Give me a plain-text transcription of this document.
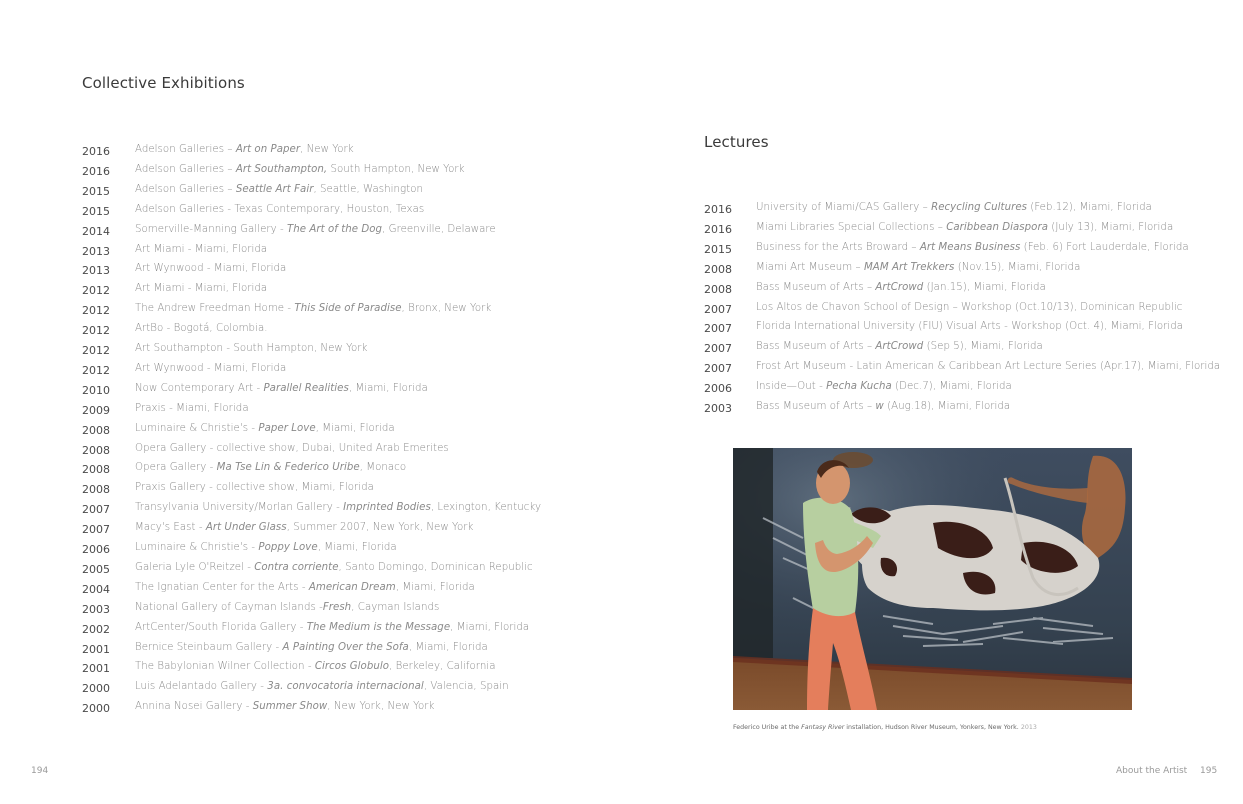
Collective Exhibitions
2016 Adelson Galleries – Art on Paper, New York
2016 Adelson Galleries – Art Southampton, South Hampton, New York
2015 Adelson Galleries – Seattle Art Fair, Seattle, Washington
2015 Adelson Galleries - Texas Contemporary, Houston, Texas
2014 Somerville-Manning Gallery - The Art of the Dog, Greenville, Delaware
2013 Art Miami - Miami, Florida
2013 Art Wynwood - Miami, Florida
2012 Art Miami - Miami, Florida
2012 The Andrew Freedman Home - This Side of Paradise, Bronx, New York
2012 ArtBo - Bogotá, Colombia.
2012 Art Southampton - South Hampton, New York
2012 Art Wynwood - Miami, Florida
2010 Now Contemporary Art - Parallel Realities, Miami, Florida
2009 Praxis - Miami, Florida
2008 Luminaire & Christie's - Paper Love, Miami, Florida
2008 Opera Gallery - collective show, Dubai, United Arab Emerites
2008 Opera Gallery - Ma Tse Lin & Federico Uribe, Monaco
2008 Praxis Gallery - collective show, Miami, Florida
2007 Transylvania University/Morlan Gallery - Imprinted Bodies, Lexington, Kentucky
2007 Macy's East - Art Under Glass, Summer 2007, New York, New York
2006 Luminaire & Christie's - Poppy Love, Miami, Florida
2005 Galeria Lyle O'Reitzel - Contra corriente, Santo Domingo, Dominican Republic
2004 The Ignatian Center for the Arts - American Dream, Miami, Florida
2003 National Gallery of Cayman Islands -Fresh, Cayman Islands
2002 ArtCenter/South Florida Gallery - The Medium is the Message, Miami, Florida
2001 Bernice Steinbaum Gallery - A Painting Over the Sofa, Miami, Florida
2001 The Babylonian Wilner Collection - Circos Globulo, Berkeley, California
2000 Luis Adelantado Gallery - 3a. convocatoria internacional, Valencia, Spain
2000 Annina Nosei Gallery - Summer Show, New York, New York
194
Lectures
2016 University of Miami/CAS Gallery – Recycling Cultures (Feb.12), Miami, Florida
2016 Miami Libraries Special Collections – Caribbean Diaspora (July 13), Miami, Florida
2015 Business for the Arts Broward – Art Means Business (Feb. 6) Fort Lauderdale, Florida
2008 Miami Art Museum – MAM Art Trekkers (Nov.15), Miami, Florida
2008 Bass Museum of Arts – ArtCrowd (Jan.15), Miami, Florida
2007 Los Altos de Chavon School of Design – Workshop (Oct.10/13), Dominican Republic
2007 Florida International University (FIU) Visual Arts - Workshop (Oct. 4), Miami, Florida
2007 Bass Museum of Arts – ArtCrowd (Sep 5), Miami, Florida
2007 Frost Art Museum - Latin American & Caribbean Art Lecture Series (Apr.17), Miami, Florida
2006 Inside—Out - Pecha Kucha (Dec.7), Miami, Florida
2003 Bass Museum of Arts – w (Aug.18), Miami, Florida
Federico Uribe at the Fantasy River installation, Hudson River Museum, Yonkers, New York. 2013
About the Artist 195
